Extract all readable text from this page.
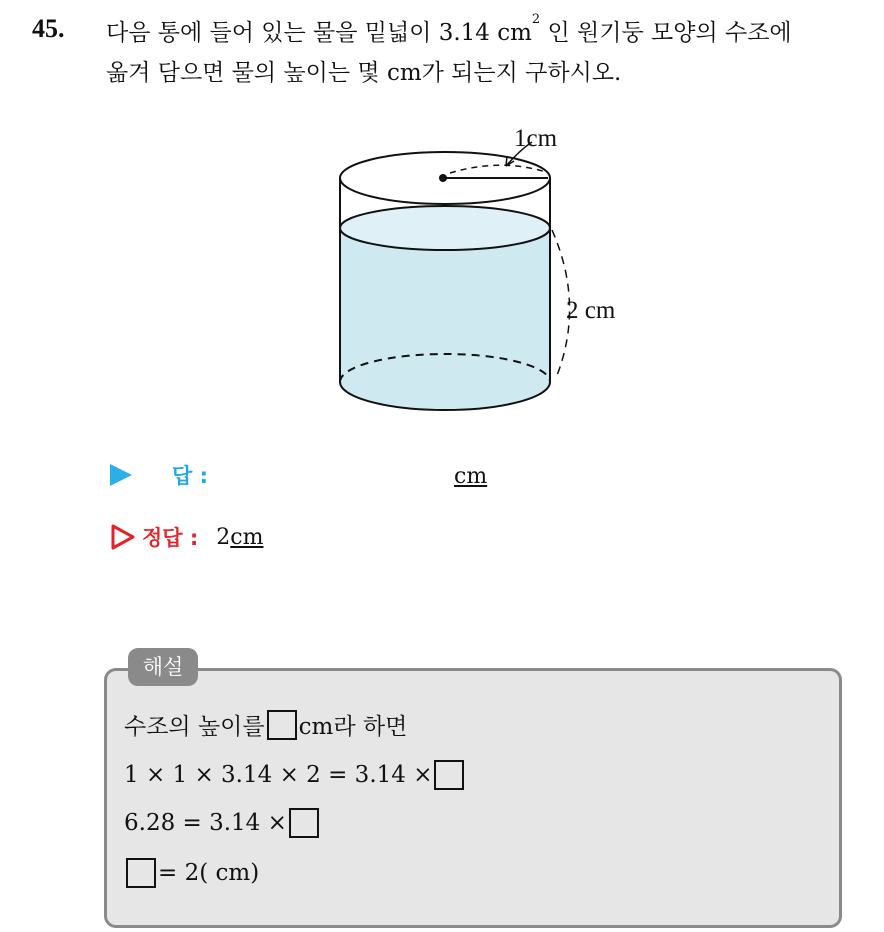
45. 다음 통에 들어 있는 물을 밑넓이 3.14 $cm^2$ 인 원기둥 모양의 수조에
옮겨 담으면 물의 높이는 몇 cm가 되는지 구하시오.
1cm
2 cm
답 :	cm
정답 : 2cm
해설
수조의 높이를 cm라 하면
1 × 1 × 3.14 × 2 = 3.14 ×
6.28 = 3.14 ×
= 2( cm)
